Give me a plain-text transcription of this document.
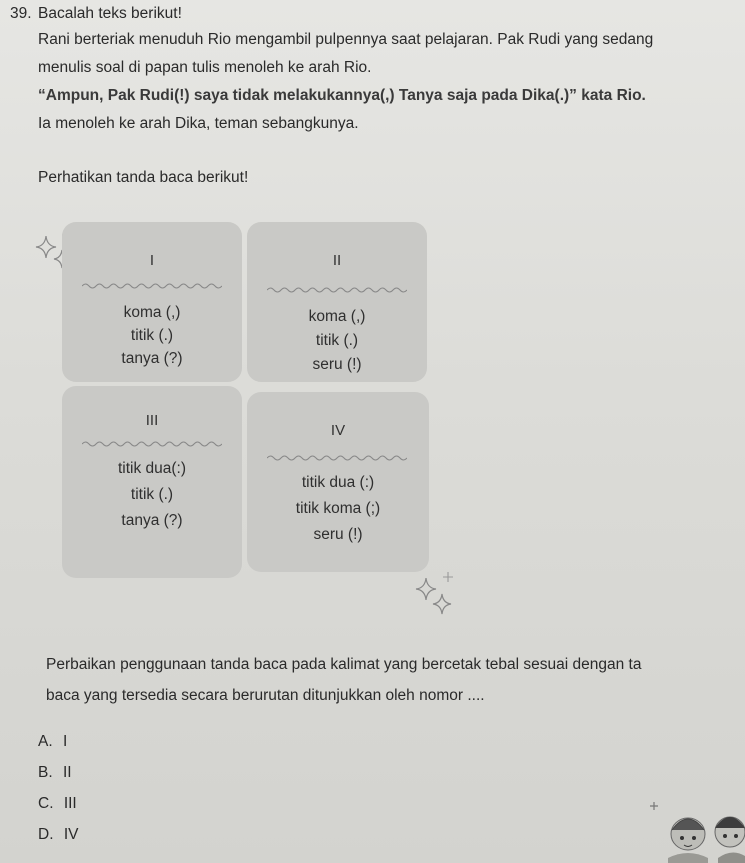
39. Bacalah teks berikut!
Rani berteriak menuduh Rio mengambil pulpennya saat pelajaran. Pak Rudi yang sedang
menulis soal di papan tulis menoleh ke arah Rio.
“Ampun, Pak Rudi(!) saya tidak melakukannya(,) Tanya saja pada Dika(.)” kata Rio.
Ia menoleh ke arah Dika, teman sebangkunya.
Perhatikan tanda baca berikut!
I
koma (,)
titik (.)
tanya (?)
II
koma (,)
titik (.)
seru (!)
III
titik dua(:)
titik (.)
tanya (?)
IV
titik dua (:)
titik koma (;)
seru (!)
Perbaikan penggunaan tanda baca pada kalimat yang bercetak tebal sesuai dengan ta
baca yang tersedia secara berurutan ditunjukkan oleh nomor ....
A. I
B. II
C. III
D. IV
